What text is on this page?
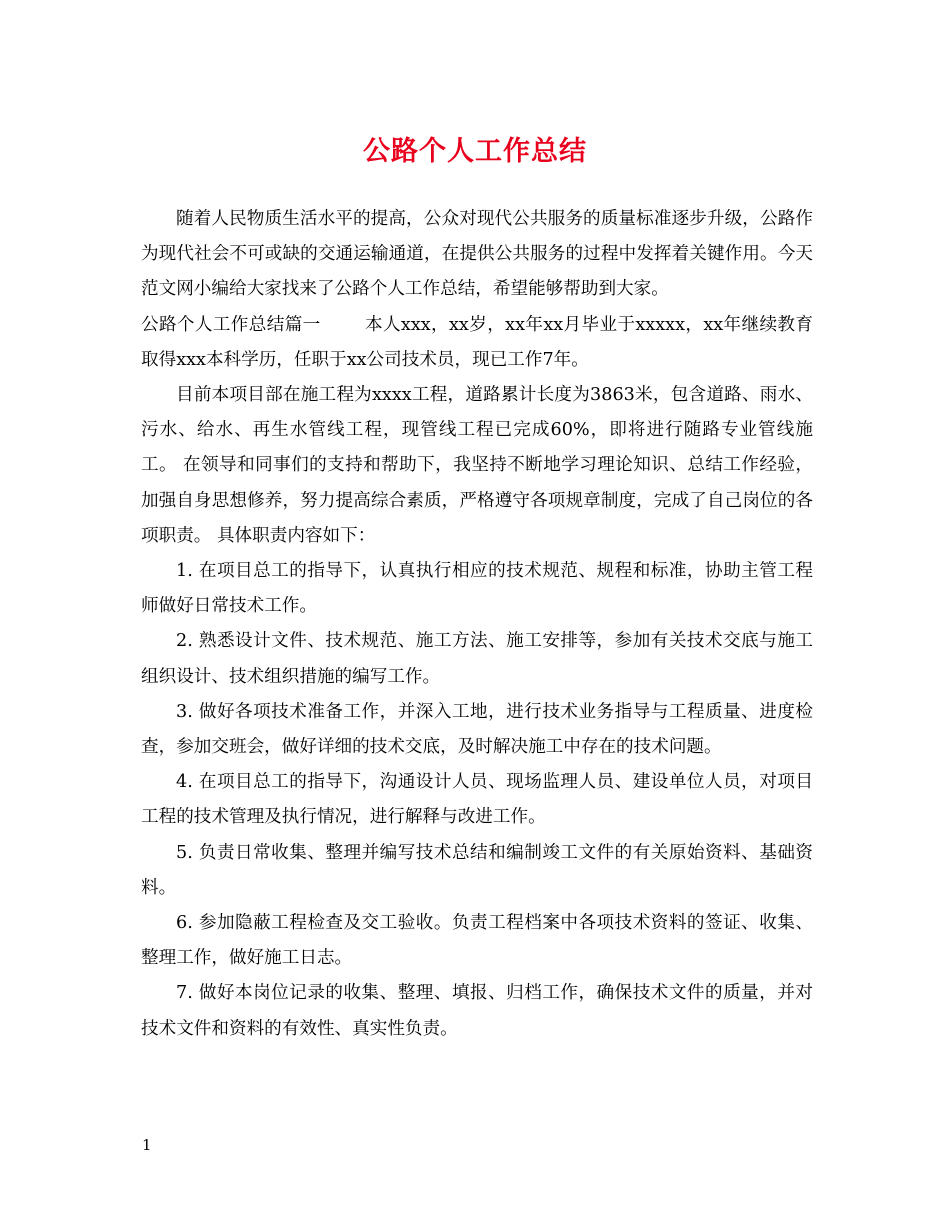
公路个人工作总结

随着人民物质生活水平的提高，公众对现代公共服务的质量标准逐步升级，公路作为现代社会不可或缺的交通运输通道，在提供公共服务的过程中发挥着关键作用。今天范文网小编给大家找来了公路个人工作总结，希望能够帮助到大家。

公路个人工作总结篇一	本人xxx，xx岁，xx年xx月毕业于xxxxx，xx年继续教育取得xxx本科学历，任职于xx公司技术员，现已工作7年。

目前本项目部在施工程为xxxx工程，道路累计长度为3863米，包含道路、雨水、污水、给水、再生水管线工程，现管线工程已完成60%，即将进行随路专业管线施工。 在领导和同事们的支持和帮助下，我坚持不断地学习理论知识、总结工作经验，加强自身思想修养，努力提高综合素质，严格遵守各项规章制度，完成了自己岗位的各项职责。 具体职责内容如下：

1. 在项目总工的指导下，认真执行相应的技术规范、规程和标准，协助主管工程师做好日常技术工作。

2. 熟悉设计文件、技术规范、施工方法、施工安排等，参加有关技术交底与施工组织设计、技术组织措施的编写工作。

3. 做好各项技术准备工作，并深入工地，进行技术业务指导与工程质量、进度检查，参加交班会，做好详细的技术交底，及时解决施工中存在的技术问题。

4. 在项目总工的指导下，沟通设计人员、现场监理人员、建设单位人员，对项目工程的技术管理及执行情况，进行解释与改进工作。

5. 负责日常收集、整理并编写技术总结和编制竣工文件的有关原始资料、基础资料。

6. 参加隐蔽工程检查及交工验收。负责工程档案中各项技术资料的签证、收集、整理工作，做好施工日志。

7. 做好本岗位记录的收集、整理、填报、归档工作，确保技术文件的质量，并对技术文件和资料的有效性、真实性负责。

1
